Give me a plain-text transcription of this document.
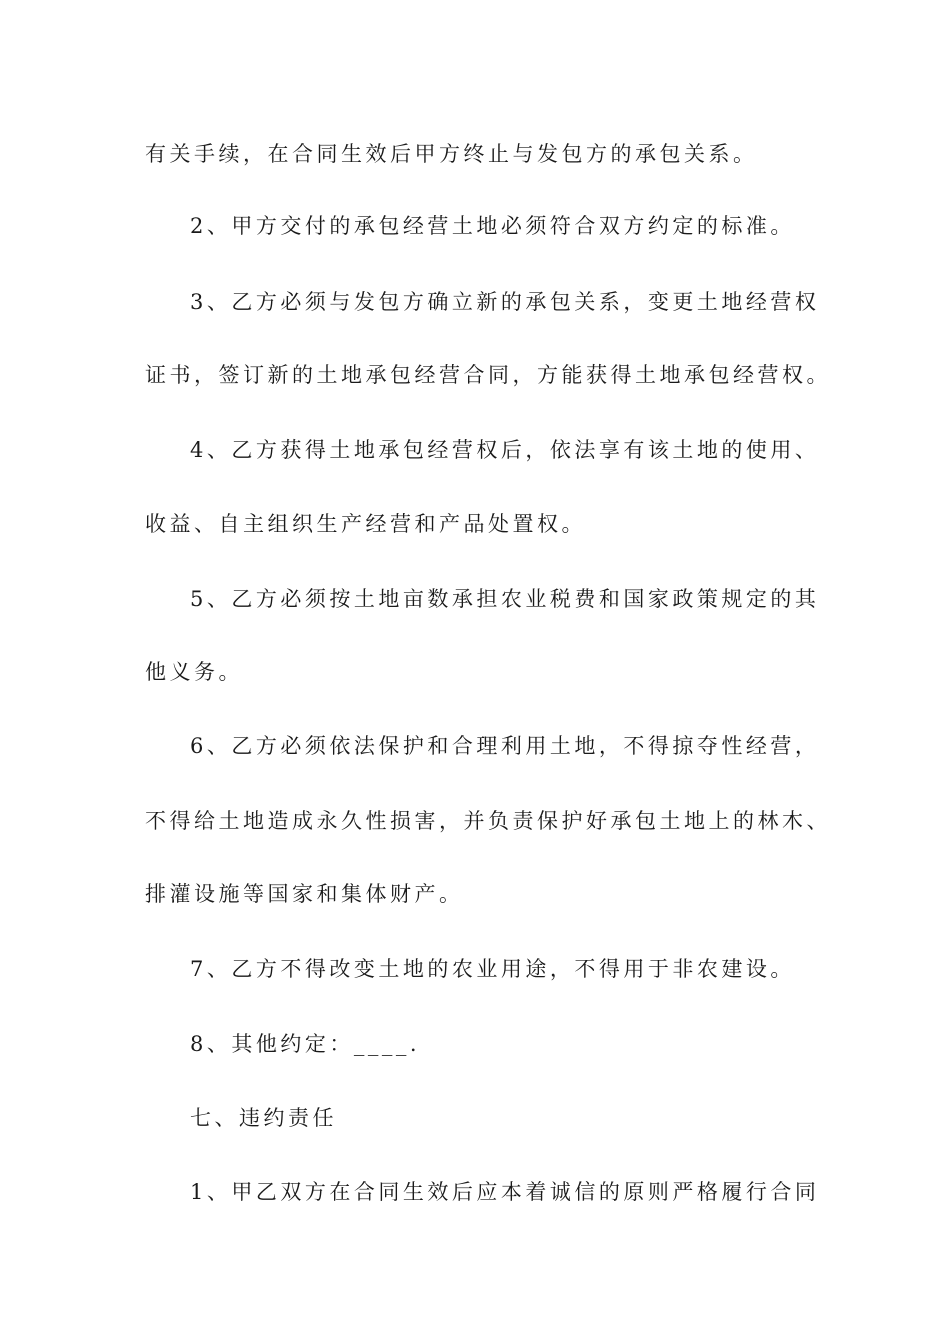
有关手续，在合同生效后甲方终止与发包方的承包关系。
2、甲方交付的承包经营土地必须符合双方约定的标准。
3、乙方必须与发包方确立新的承包关系，变更土地经营权
证书，签订新的土地承包经营合同，方能获得土地承包经营权。
4、乙方获得土地承包经营权后，依法享有该土地的使用、
收益、自主组织生产经营和产品处置权。
5、乙方必须按土地亩数承担农业税费和国家政策规定的其
他义务。
6、乙方必须依法保护和合理利用土地，不得掠夺性经营，
不得给土地造成永久性损害，并负责保护好承包土地上的林木、
排灌设施等国家和集体财产。
7、乙方不得改变土地的农业用途，不得用于非农建设。
8、其他约定：____.
七、违约责任
1、甲乙双方在合同生效后应本着诚信的原则严格履行合同
